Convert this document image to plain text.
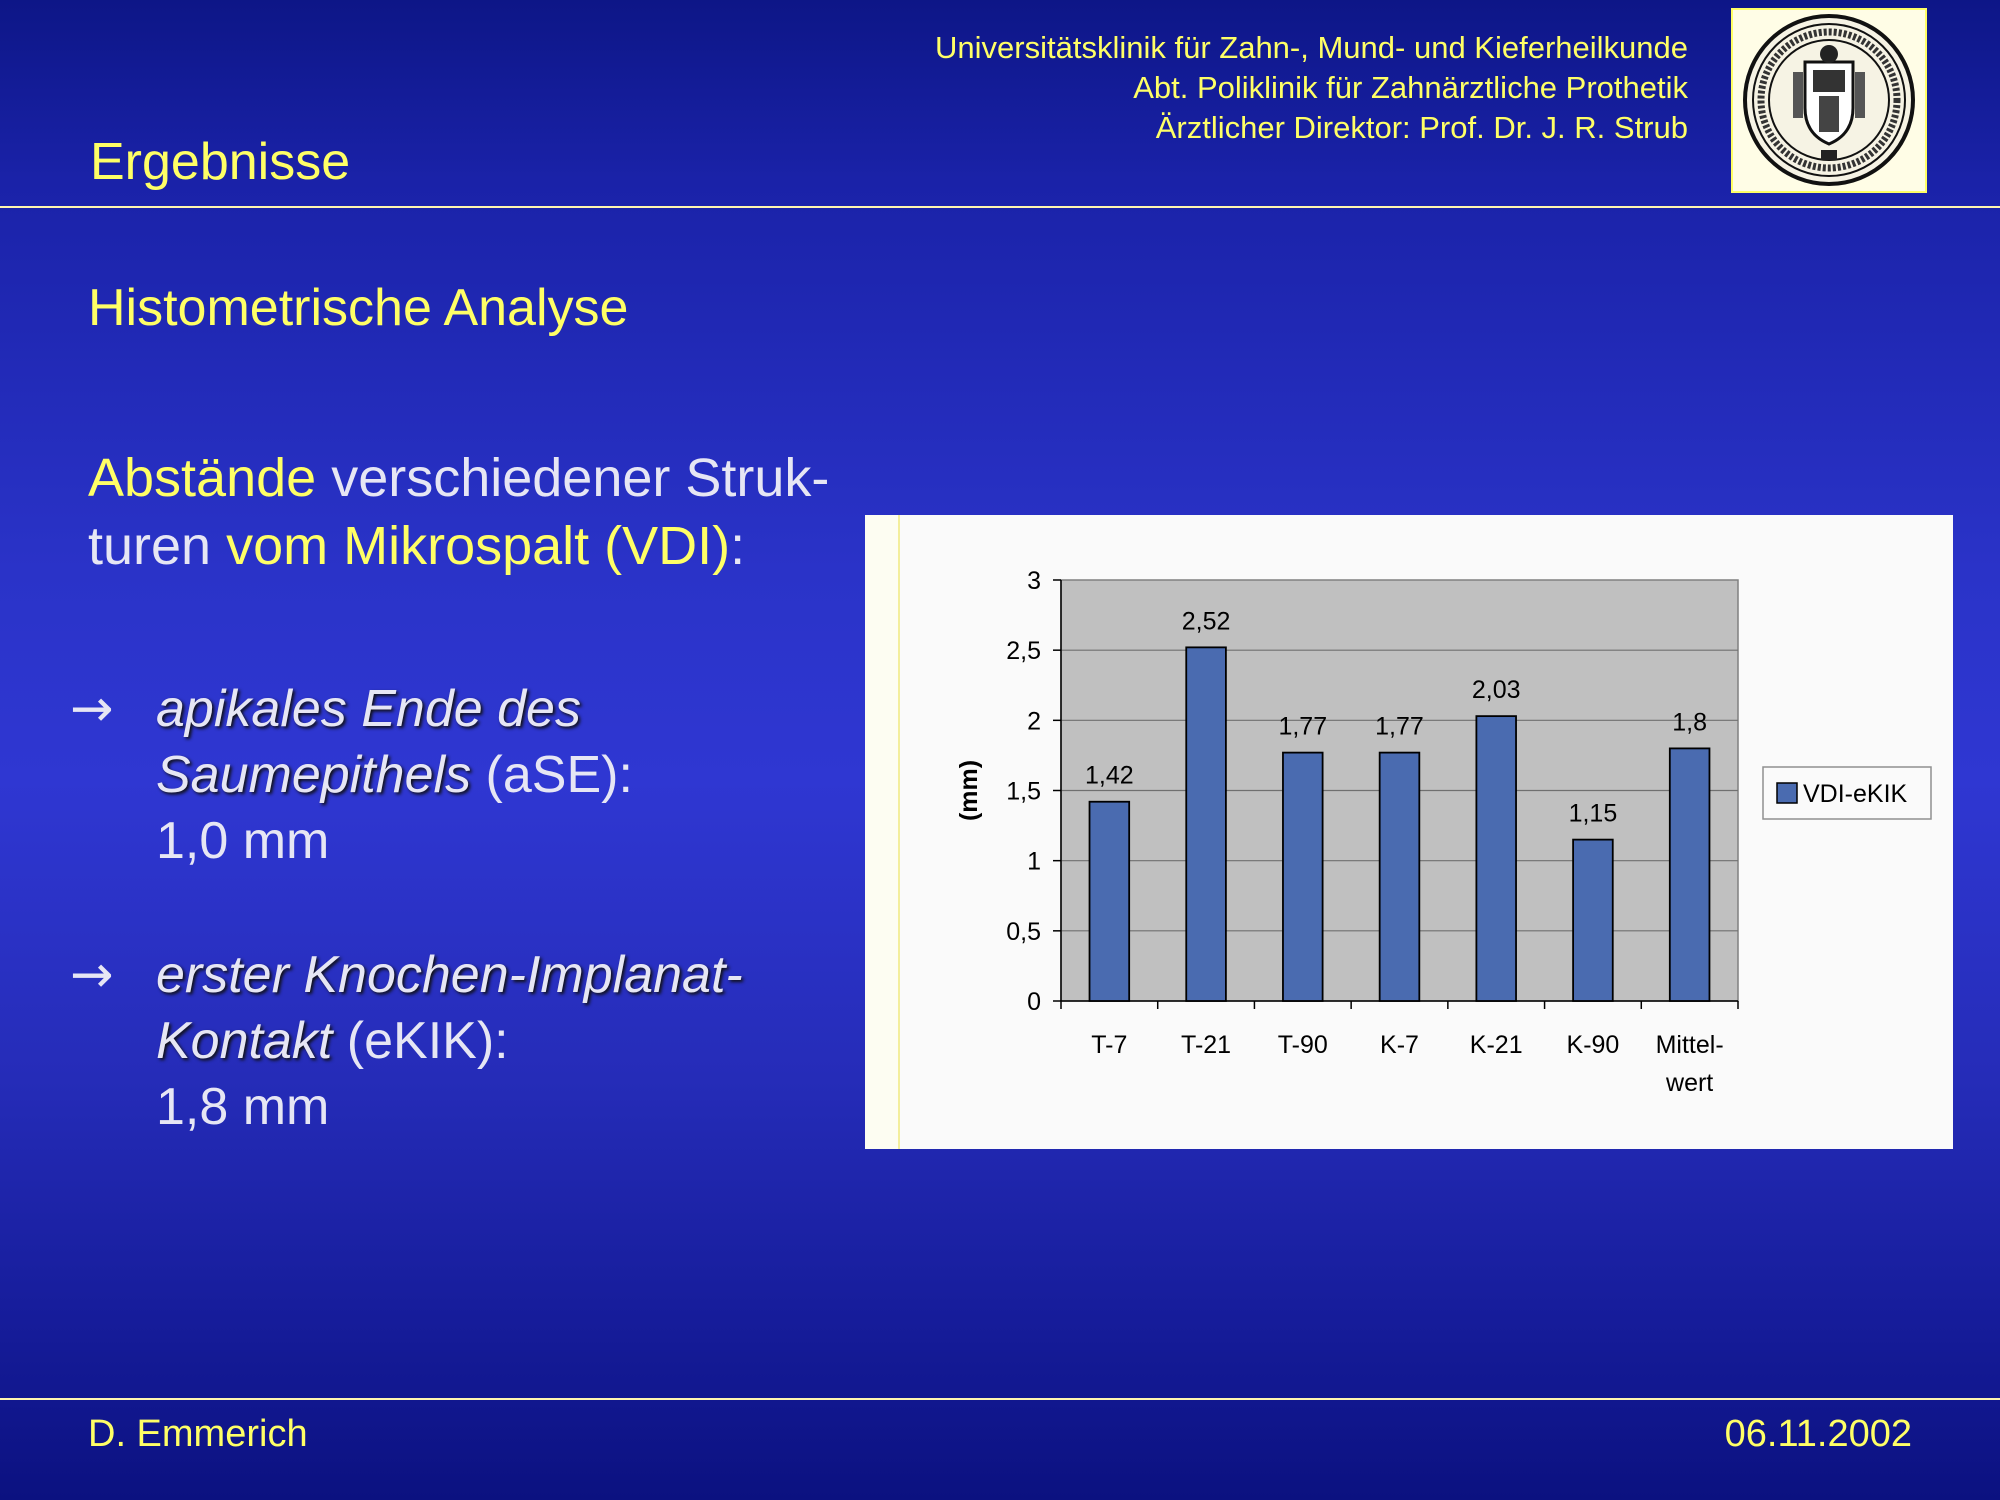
Universitätsklinik für Zahn-, Mund- und Kieferheilkunde
Abt. Poliklinik für Zahnärztliche Prothetik
Ärztlicher Direktor: Prof. Dr. J. R. Strub
Ergebnisse
Histometrische Analyse
Abstände verschiedener Struk-
turen vom Mikrospalt (VDI):
→ apikales Ende des
Saumepithels (aSE):
1,0 mm
→ erster Knochen-Implanat-
Kontakt (eKIK):
1,8 mm
0
0,5
1
1,5
2
2,5
3
1,42
T-7
2,52
T-21
1,77
T-90
1,77
K-7
2,03
K-21
1,15
K-90
1,8
Mittel-
wert
(mm)	VDI-eKIK
D. Emmerich	06.11.2002
